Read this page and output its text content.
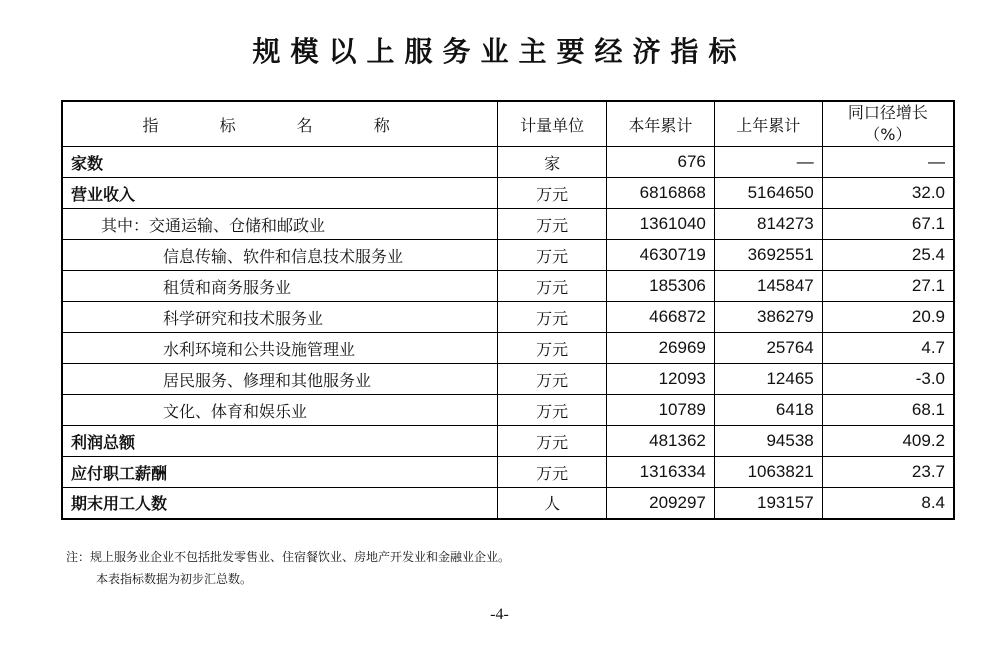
规模以上服务业主要经济指标
指 标 名 称	计量单位	本年累计	上年累计	同口径增长
（%）

家数	家	676	—	—
营业收入	万元	6816868	5164650	32.0
其中：交通运输、仓储和邮政业	万元	1361040	814273	67.1
信息传输、软件和信息技术服务业	万元	4630719	3692551	25.4
租赁和商务服务业	万元	185306	145847	27.1
科学研究和技术服务业	万元	466872	386279	20.9
水利环境和公共设施管理业	万元	26969	25764	4.7
居民服务、修理和其他服务业	万元	12093	12465	-3.0
文化、体育和娱乐业	万元	10789	6418	68.1
利润总额	万元	481362	94538	409.2
应付职工薪酬	万元	1316334	1063821	23.7
期末用工人数	人	209297	193157	8.4
注：规上服务业企业不包括批发零售业、住宿餐饮业、房地产开发业和金融业企业。
本表指标数据为初步汇总数。
-4-
